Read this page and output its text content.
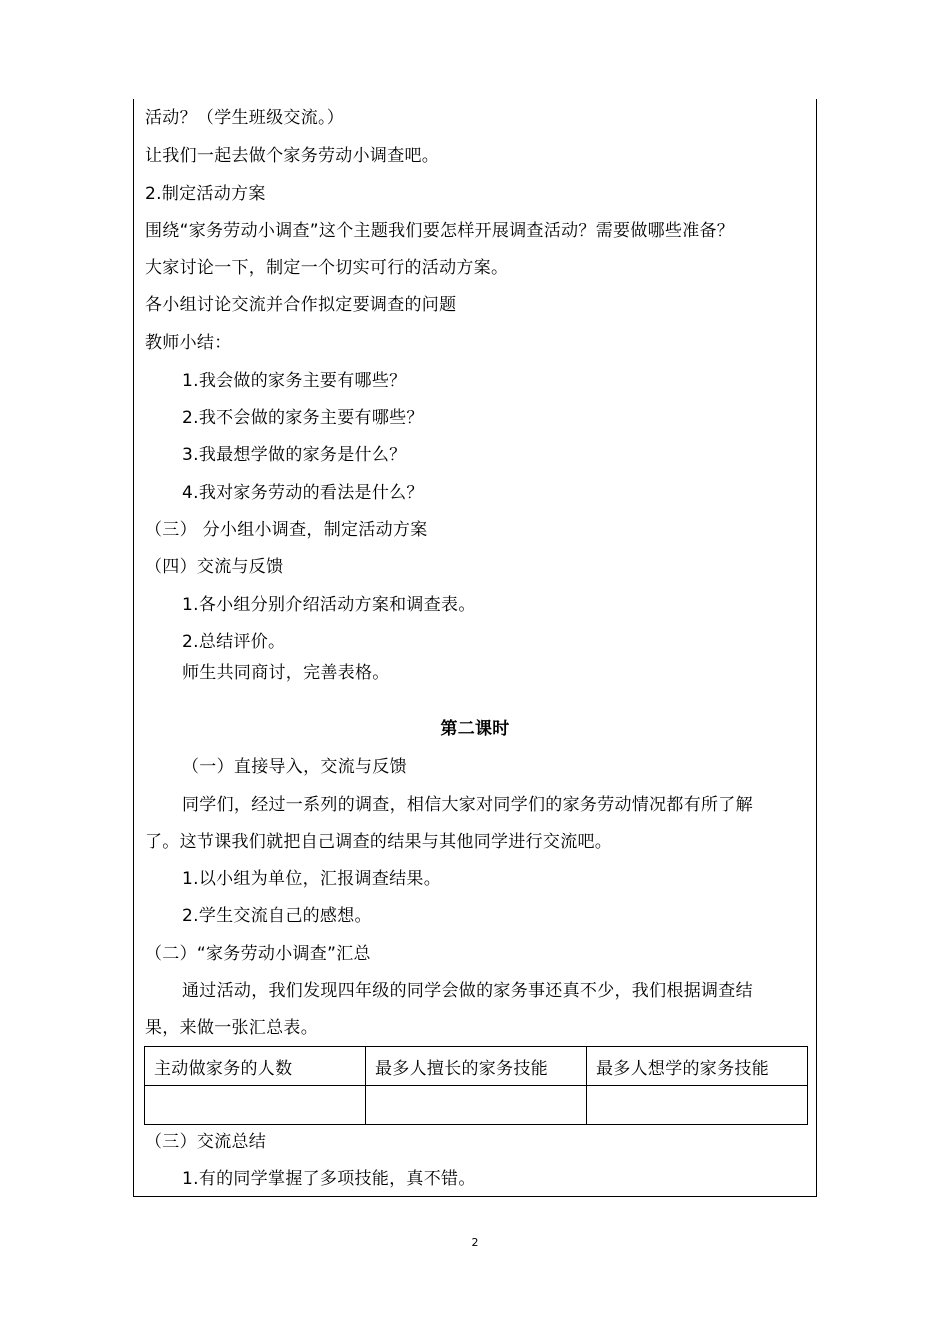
活动？（学生班级交流。）
让我们一起去做个家务劳动小调查吧。
2.制定活动方案
围绕“家务劳动小调查”这个主题我们要怎样开展调查活动？需要做哪些准备？
大家讨论一下，制定一个切实可行的活动方案。
各小组讨论交流并合作拟定要调查的问题
教师小结：
1.我会做的家务主要有哪些？
2.我不会做的家务主要有哪些？
3.我最想学做的家务是什么？
4.我对家务劳动的看法是什么？
（三） 分小组小调查，制定活动方案
（四）交流与反馈
1.各小组分别介绍活动方案和调查表。
2.总结评价。
师生共同商讨，完善表格。
第二课时
（一）直接导入，交流与反馈
同学们，经过一系列的调查，相信大家对同学们的家务劳动情况都有所了解
了。这节课我们就把自己调查的结果与其他同学进行交流吧。
1.以小组为单位，汇报调查结果。
2.学生交流自己的感想。
（二）“家务劳动小调查”汇总
通过活动，我们发现四年级的同学会做的家务事还真不少，我们根据调查结
果，来做一张汇总表。
主动做家务的人数	最多人擅长的家务技能	最多人想学的家务技能

（三）交流总结
1.有的同学掌握了多项技能，真不错。
2
